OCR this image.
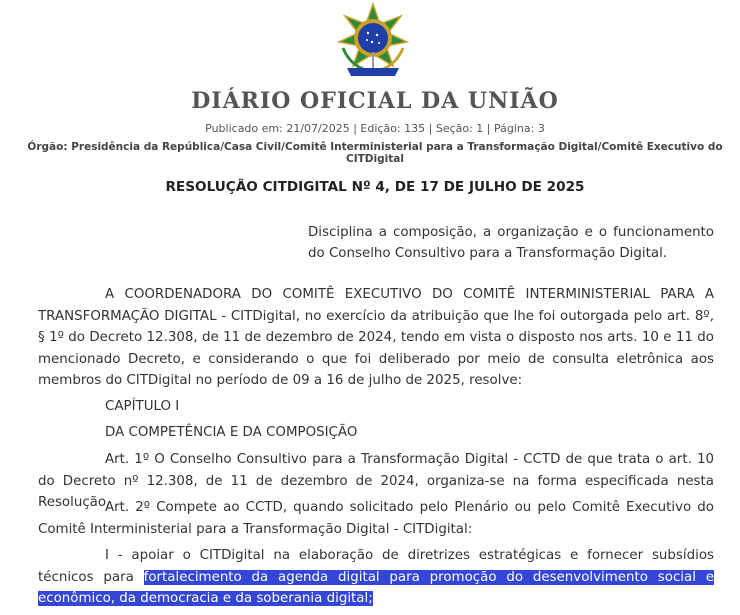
DIÁRIO OFICIAL DA UNIÃO
Publicado em: 21/07/2025 | Edição: 135 | Seção: 1 | Página: 3
Órgão: Presidência da República/Casa Civil/Comitê Interministerial para a Transformação Digital/Comitê Executivo do CITDigital
RESOLUÇÃO CITDIGITAL Nº 4, DE 17 DE JULHO DE 2025
Disciplina a composição, a organização e o funcionamento do Conselho Consultivo para a Transformação Digital.
A COORDENADORA DO COMITÊ EXECUTIVO DO COMITÊ INTERMINISTERIAL PARA A TRANSFORMAÇÃO DIGITAL - CITDigital, no exercício da atribuição que lhe foi outorgada pelo art. 8º, § 1º do Decreto 12.308, de 11 de dezembro de 2024, tendo em vista o disposto nos arts. 10 e 11 do mencionado Decreto, e considerando o que foi deliberado por meio de consulta eletrônica aos membros do CITDigital no período de 09 a 16 de julho de 2025, resolve:
CAPÍTULO I
DA COMPETÊNCIA E DA COMPOSIÇÃO
Art. 1º O Conselho Consultivo para a Transformação Digital - CCTD de que trata o art. 10 do Decreto nº 12.308, de 11 de dezembro de 2024, organiza-se na forma especificada nesta Resolução.
Art. 2º Compete ao CCTD, quando solicitado pelo Plenário ou pelo Comitê Executivo do Comitê Interministerial para a Transformação Digital - CITDigital:
I - apoiar o CITDigital na elaboração de diretrizes estratégicas e fornecer subsídios técnicos para fortalecimento da agenda digital para promoção do desenvolvimento social e econômico, da democracia e da soberania digital;
